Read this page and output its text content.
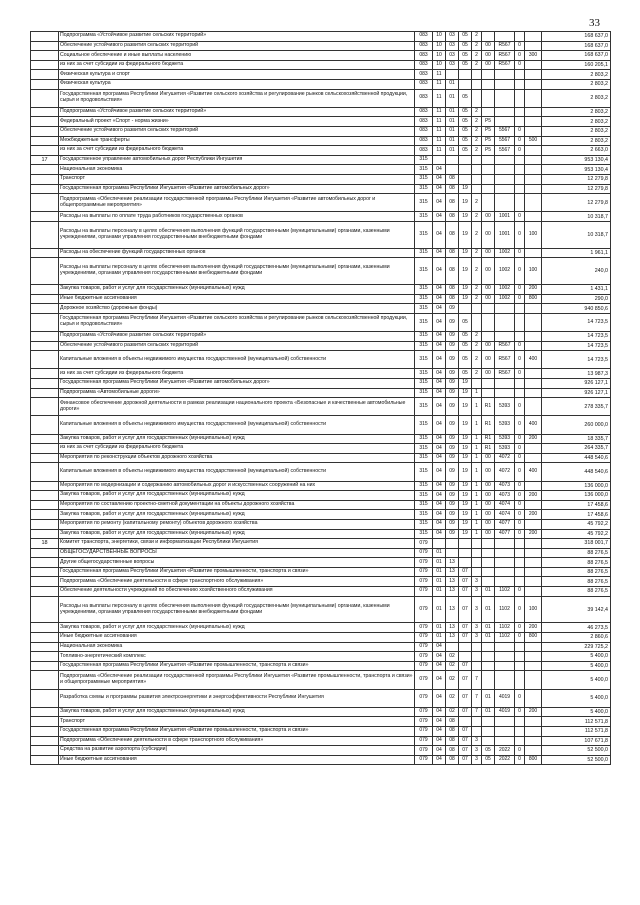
33
	Подпрограмма «Устойчивое развитие сельских территорий»	083	10	03	05	2					168 637,0
	Обеспечение устойчивого развития сельских территорий	083	10	03	05	2	00	R567	0		168 637,0
	Социальное обеспечение и иные выплаты населению	083	10	03	05	2	00	R567	0	300	168 637,0
	из них за счет субсидии из федерального бюджета	083	10	03	05	2	00	R567	0		160 205,1
	Физическая культура и спорт	083	11								2 803,2
	Физическая культура	083	11	01							2 803,2
	Государственная программа Республики Ингушетия «Развитие сельского хозяйства и регулирование рынков сельскохозяйственной продукции, сырья и продовольствия»	083	11	01	05						2 803,2
	Подпрограмма «Устойчивое развитие сельских территорий»	083	11	01	05	2					2 803,2
	Федеральный проект «Спорт - норма жизни»	083	11	01	05	2	P5				2 803,2
	Обеспечение устойчивого развития сельских территорий	083	11	01	05	2	P5	5567	0		2 803,2
	Межбюджетные трансферты	083	11	01	05	2	P5	5567	0	500	2 803,2
	из них за счет субсидии из федерального бюджета	083	11	01	05	2	P5	5567	0		2 663,0
17	Государственное управление автомобильных дорог Республики Ингушетия	315									953 130,4
	Национальная экономика	315	04								953 130,4
	Транспорт	315	04	08							12 279,8
	Государственная программа Республики Ингушетия «Развитие автомобильных дорог»	315	04	08	19						12 279,8
	Подпрограмма «Обеспечение реализации государственной программы Республики Ингушетия «Развитие автомобильных дорог и общепрограммные мероприятия»	315	04	08	19	2					12 279,8
	Расходы на выплаты по оплате труда работников государственных органов	315	04	08	19	2	00	1001	0		10 318,7
	Расходы на выплаты персоналу в целях обеспечения выполнения функций государственными (муниципальными) органами, казенными учреждениями, органами управления государственными внебюджетными фондами	315	04	08	19	2	00	1001	0	100	10 318,7
	Расходы на обеспечение функций государственных органов	315	04	08	19	2	00	1002	0		1 961,1
	Расходы на выплаты персоналу в целях обеспечения выполнения функций государственными (муниципальными) органами, казенными учреждениями, органами управления государственными внебюджетными фондами	315	04	08	19	2	00	1002	0	100	240,0
	Закупка товаров, работ и услуг для государственных (муниципальных) нужд	315	04	08	19	2	00	1002	0	200	1 431,1
	Иные бюджетные ассигнования	315	04	08	19	2	00	1002	0	800	290,0
	Дорожное хозяйство (дорожные фонды)	315	04	09							940 850,6
	Государственная программа Республики Ингушетия «Развитие сельского хозяйства и регулирование рынков сельскохозяйственной продукции, сырья и продовольствия»	315	04	09	05						14 723,5
	Подпрограмма «Устойчивое развитие сельских территорий»	315	04	09	05	2					14 723,5
	Обеспечение устойчивого развития сельских территорий	315	04	09	05	2	00	R567	0		14 723,5
	Капитальные вложения в объекты недвижимого имущества государственной (муниципальной) собственности	315	04	09	05	2	00	R567	0	400	14 723,5
	из них за счет субсидии из федерального бюджета	315	04	09	05	2	00	R567	0		13 987,3
	Государственная программа Республики Ингушетия «Развитие автомобильных дорог»	315	04	09	19						926 127,1
	Подпрограмма «Автомобильные дороги»	315	04	09	19	1					926 127,1
	Финансовое обеспечение дорожной деятельности в рамках реализации национального проекта «Безопасные и качественные автомобильные дороги»	315	04	09	19	1	R1	5393	0		278 335,7
	Капитальные вложения в объекты недвижимого имущества государственной (муниципальной) собственности	315	04	09	19	1	R1	5393	0	400	260 000,0
	Закупка товаров, работ и услуг для государственных (муниципальных) нужд	315	04	09	19	1	R1	5393	0	200	18 335,7
	из них за счет субсидии из федерального бюджета	315	04	09	19	1	R1	5393	0		264 335,7
	Мероприятия по реконструкции объектов дорожного хозяйства	315	04	09	19	1	00	4072	0		448 540,6
	Капитальные вложения в объекты недвижимого имущества государственной (муниципальной) собственности	315	04	09	19	1	00	4072	0	400	448 540,6
	Мероприятия по модернизации и содержанию автомобильных дорог и искусственных сооружений на них	315	04	09	19	1	00	4073	0		136 000,0
	Закупка товаров, работ и услуг для государственных (муниципальных) нужд	315	04	09	19	1	00	4073	0	200	136 000,0
	Мероприятия по составлению проектно-сметной документации на объекты дорожного хозяйства	315	04	09	19	1	00	4074	0		17 458,6
	Закупка товаров, работ и услуг для государственных (муниципальных) нужд	315	04	09	19	1	00	4074	0	200	17 458,6
	Мероприятия по ремонту (капитальному ремонту) объектов дорожного хозяйства	315	04	09	19	1	00	4077	0		45 792,2
	Закупка товаров, работ и услуг для государственных (муниципальных) нужд	315	04	09	19	1	00	4077	0	200	45 792,2
18	Комитет транспорта, энергетики, связи и информатизации Республики Ингушетия	079									318 001,7
	ОБЩЕГОСУДАРСТВЕННЫЕ ВОПРОСЫ	079	01								88 276,5
	Другие общегосударственные вопросы	079	01	13							88 276,5
	Государственная программа Республики Ингушетия «Развитие промышленности, транспорта и связи»	079	01	13	07						88 276,5
	Подпрограмма «Обеспечение деятельности в сфере транспортного обслуживания»	079	01	13	07	3					88 276,5
	Обеспечение деятельности учреждений по обеспечению хозяйственного обслуживания	079	01	13	07	3	01	1102	0		88 276,5
	Расходы на выплаты персоналу в целях обеспечения выполнения функций государственными (муниципальными) органами, казенными учреждениями, органами управления государственными внебюджетными фондами	079	01	13	07	3	01	1102	0	100	39 142,4
	Закупка товаров, работ и услуг для государственных (муниципальных) нужд	079	01	13	07	3	01	1102	0	200	46 273,5
	Иные бюджетные ассигнования	079	01	13	07	3	01	1102	0	800	2 860,6
	Национальная экономика	079	04								229 725,2
	Топливно-энергетический комплекс	079	04	02							5 400,0
	Государственная программа Республики Ингушетия «Развитие промышленности, транспорта и связи»	079	04	02	07						5 400,0
	Подпрограмма «Обеспечение реализации государственной программы Республики Ингушетия «Развитие промышленности, транспорта и связи» и общепрограммные мероприятия»	079	04	02	07	7					5 400,0
	Разработка схемы и программы развития электроэнергетики и энергоэффективности Республики Ингушетия	079	04	02	07	7	01	4019	0		5 400,0
	Закупка товаров, работ и услуг для государственных (муниципальных) нужд	079	04	02	07	7	01	4019	0	200	5 400,0
	Транспорт	079	04	08							112 571,8
	Государственная программа Республики Ингушетия «Развитие промышленности, транспорта и связи»	079	04	08	07						112 571,8
	Подпрограмма «Обеспечение деятельности в сфере транспортного обслуживания»	079	04	08	07	3					107 671,8
	Средства на развитие аэропорта (субсидии)	079	04	08	07	3	05	2022	0		52 500,0
	Иные бюджетные ассигнования	079	04	08	07	3	05	2022	0	800	52 500,0
